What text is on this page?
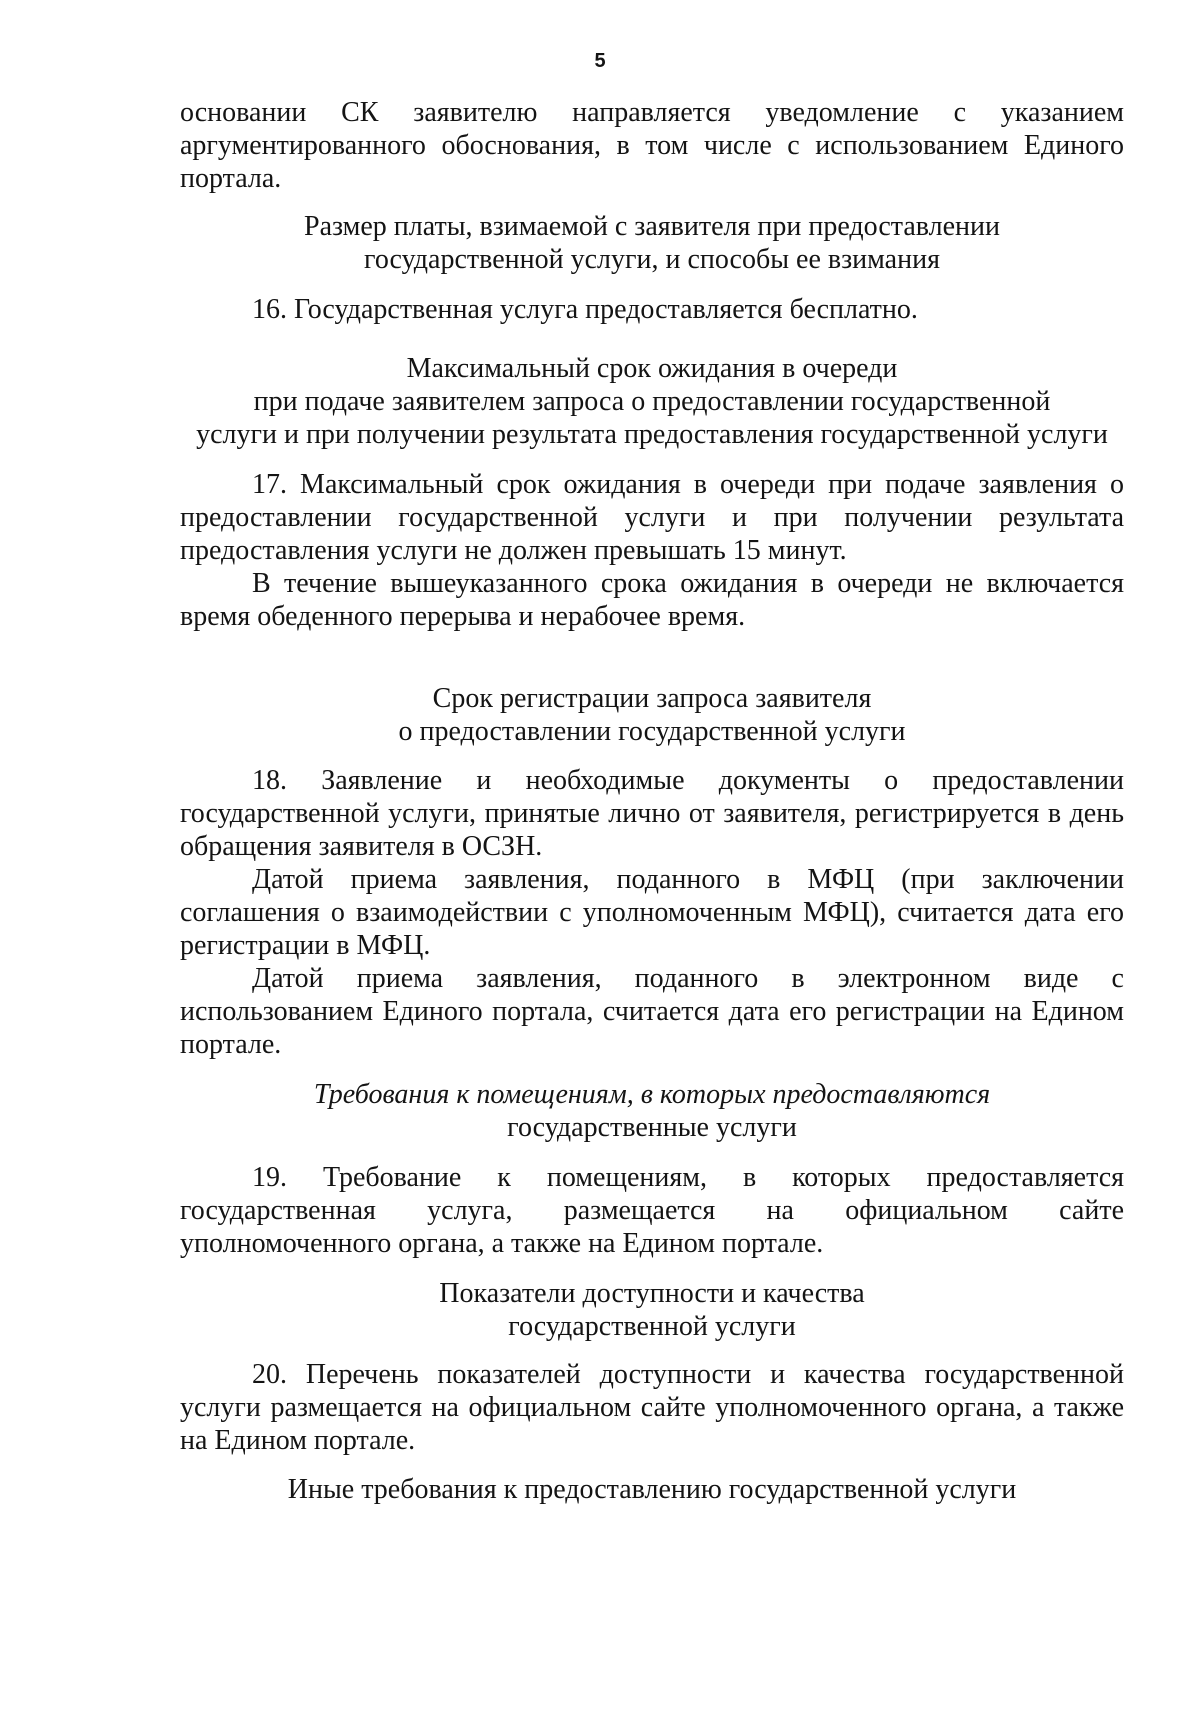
5
основании СК заявителю направляется уведомление с указанием
аргументированного обоснования, в том числе с использованием Единого
портала.
Размер платы, взимаемой с заявителя при предоставлении
государственной услуги, и способы ее взимания
16. Государственная услуга предоставляется бесплатно.
Максимальный срок ожидания в очереди
при подаче заявителем запроса о предоставлении государственной
услуги и при получении результата предоставления государственной услуги
17. Максимальный срок ожидания в очереди при подаче заявления о
предоставлении государственной услуги и при получении результата
предоставления услуги не должен превышать 15 минут.
В течение вышеуказанного срока ожидания в очереди не включается
время обеденного перерыва и нерабочее время.
Срок регистрации запроса заявителя
о предоставлении государственной услуги
18. Заявление и необходимые документы о предоставлении
государственной услуги, принятые лично от заявителя, регистрируется в день
обращения заявителя в ОСЗН.
Датой приема заявления, поданного в МФЦ (при заключении
соглашения о взаимодействии с уполномоченным МФЦ), считается дата его
регистрации в МФЦ.
Датой приема заявления, поданного в электронном виде с
использованием Единого портала, считается дата его регистрации на Едином
портале.
Требования к помещениям, в которых предоставляются
государственные услуги
19. Требование к помещениям, в которых предоставляется
государственная услуга, размещается на официальном сайте
уполномоченного органа, а также на Едином портале.
Показатели доступности и качества
государственной услуги
20. Перечень показателей доступности и качества государственной
услуги размещается на официальном сайте уполномоченного органа, а также
на Едином портале.
Иные требования к предоставлению государственной услуги
